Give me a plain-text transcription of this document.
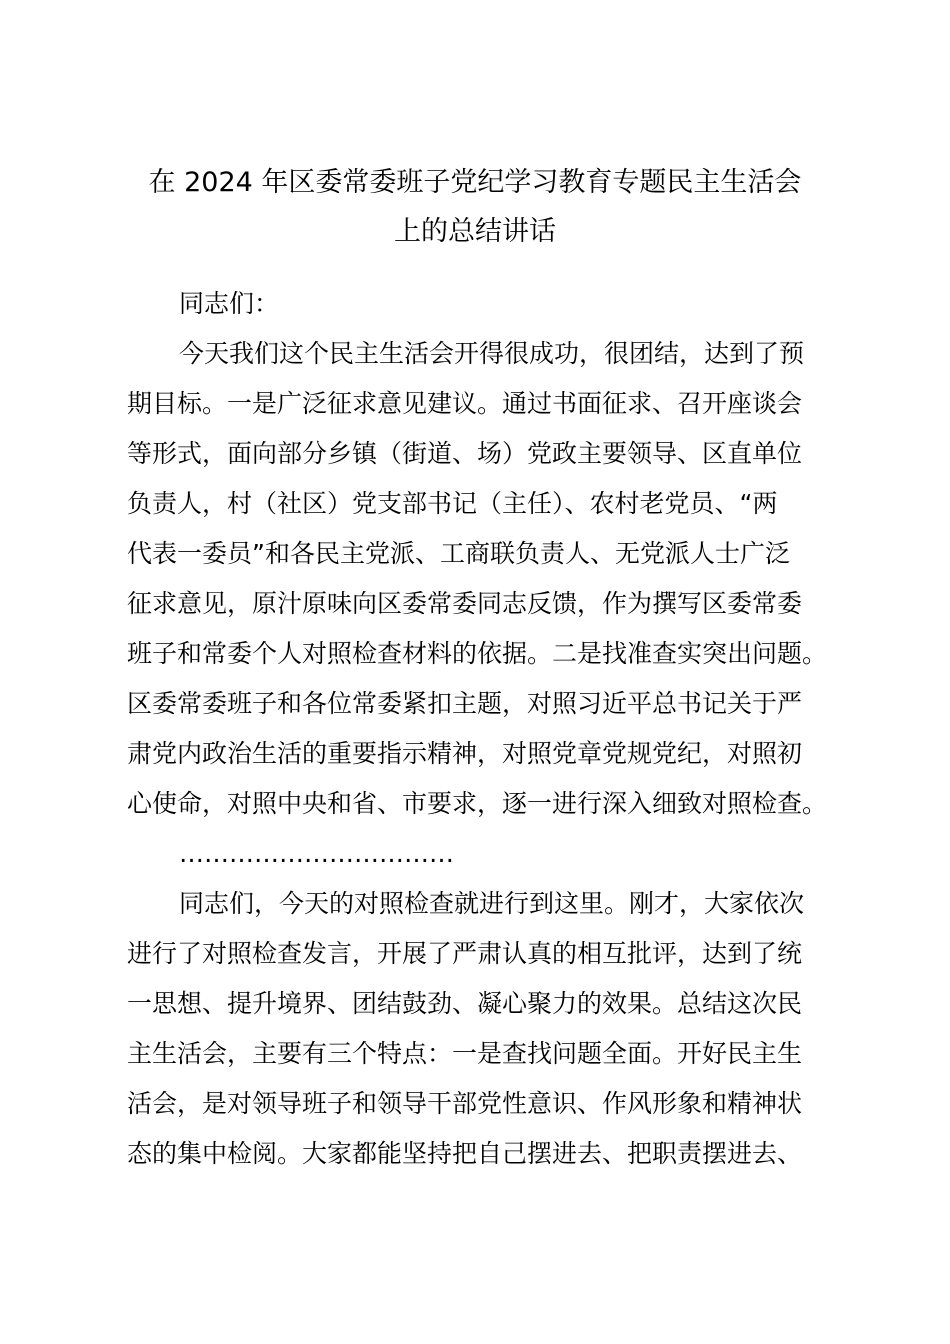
在 2024 年区委常委班子党纪学习教育专题民主生活会
上的总结讲话
同志们：
今天我们这个民主生活会开得很成功，很团结，达到了预
期目标。一是广泛征求意见建议。通过书面征求、召开座谈会
等形式，面向部分乡镇（街道、场）党政主要领导、区直单位
负责人，村（社区）党支部书记（主任）、农村老党员、“两
代表一委员”和各民主党派、工商联负责人、无党派人士广泛
征求意见，原汁原味向区委常委同志反馈，作为撰写区委常委
班子和常委个人对照检查材料的依据。二是找准查实突出问题。
区委常委班子和各位常委紧扣主题，对照习近平总书记关于严
肃党内政治生活的重要指示精神，对照党章党规党纪，对照初
心使命，对照中央和省、市要求，逐一进行深入细致对照检查。
……………………………
同志们，今天的对照检查就进行到这里。刚才，大家依次
进行了对照检查发言，开展了严肃认真的相互批评，达到了统
一思想、提升境界、团结鼓劲、凝心聚力的效果。总结这次民
主生活会，主要有三个特点：一是查找问题全面。开好民主生
活会，是对领导班子和领导干部党性意识、作风形象和精神状
态的集中检阅。大家都能坚持把自己摆进去、把职责摆进去、
